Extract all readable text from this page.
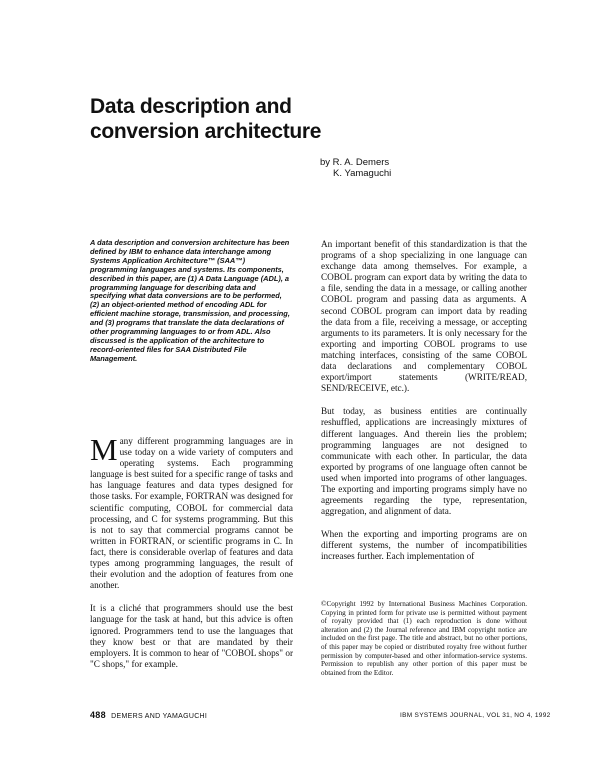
Data description and conversion architecture
by R. A. Demers
K. Yamaguchi
A data description and conversion architecture has been defined by IBM to enhance data interchange among Systems Application Architecture™ (SAA™) programming languages and systems. Its components, described in this paper, are (1) A Data Language (ADL), a programming language for describing data and specifying what data conversions are to be performed, (2) an object-oriented method of encoding ADL for efficient machine storage, transmission, and processing, and (3) programs that translate the data declarations of other programming languages to or from ADL. Also discussed is the application of the architecture to record-oriented files for SAA Distributed File Management.

Many different programming languages are in use today on a wide variety of computers and operating systems. Each programming language is best suited for a specific range of tasks and has language features and data types designed for those tasks. For example, FORTRAN was designed for scientific computing, COBOL for commercial data processing, and C for systems programming. But this is not to say that commercial programs cannot be written in FORTRAN, or scientific programs in C. In fact, there is considerable overlap of features and data types among programming languages, the result of their evolution and the adoption of features from one another.

It is a cliché that programmers should use the best language for the task at hand, but this advice is often ignored. Programmers tend to use the languages that they know best or that are mandated by their employers. It is common to hear of "COBOL shops" or "C shops," for example.

An important benefit of this standardization is that the programs of a shop specializing in one language can exchange data among themselves. For example, a COBOL program can export data by writing the data to a file, sending the data in a message, or calling another COBOL program and passing data as arguments. A second COBOL program can import data by reading the data from a file, receiving a message, or accepting arguments to its parameters. It is only necessary for the exporting and importing COBOL programs to use matching interfaces, consisting of the same COBOL data declarations and complementary COBOL export/import statements (WRITE/READ, SEND/RECEIVE, etc.).

But today, as business entities are continually reshuffled, applications are increasingly mixtures of different languages. And therein lies the problem; programming languages are not designed to communicate with each other. In particular, the data exported by programs of one language often cannot be used when imported into programs of other languages. The exporting and importing programs simply have no agreements regarding the type, representation, aggregation, and alignment of data.

When the exporting and importing programs are on different systems, the number of incompatibilities increases further. Each implementation of

©Copyright 1992 by International Business Machines Corporation. Copying in printed form for private use is permitted without payment of royalty provided that (1) each reproduction is done without alteration and (2) the Journal reference and IBM copyright notice are included on the first page. The title and abstract, but no other portions, of this paper may be copied or distributed royalty free without further permission by computer-based and other information-service systems. Permission to republish any other portion of this paper must be obtained from the Editor.
488 DEMERS AND YAMAGUCHI	IBM SYSTEMS JOURNAL, VOL 31, NO 4, 1992
